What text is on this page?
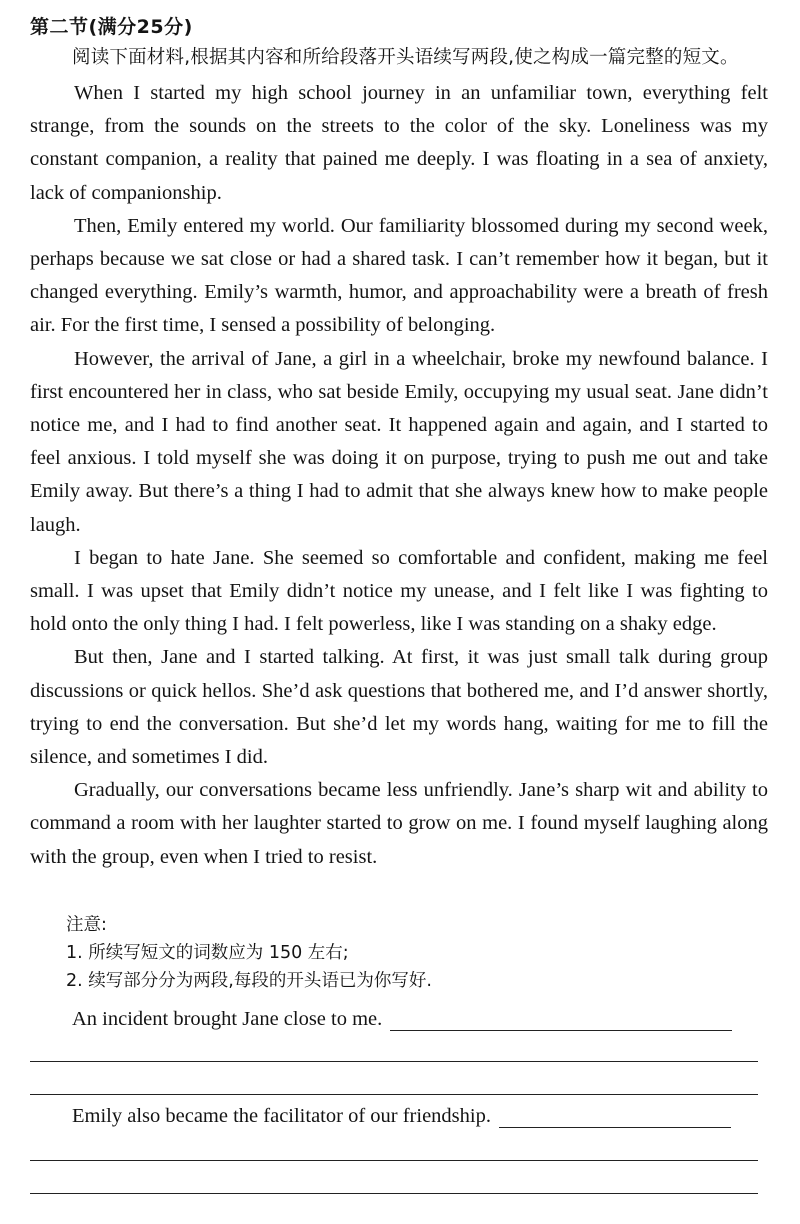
第二节(满分25分)
阅读下面材料,根据其内容和所给段落开头语续写两段,使之构成一篇完整的短文。

When I started my high school journey in an unfamiliar town, everything felt strange, from the sounds on the streets to the color of the sky. Loneliness was my constant companion, a reality that pained me deeply. I was floating in a sea of anxiety, lack of companionship.

Then, Emily entered my world. Our familiarity blossomed during my second week, perhaps because we sat close or had a shared task. I can’t remember how it began, but it changed everything. Emily’s warmth, humor, and approachability were a breath of fresh air. For the first time, I sensed a possibility of belonging.

However, the arrival of Jane, a girl in a wheelchair, broke my newfound balance. I first encountered her in class, who sat beside Emily, occupying my usual seat. Jane didn’t notice me, and I had to find another seat. It happened again and again, and I started to feel anxious. I told myself she was doing it on purpose, trying to push me out and take Emily away. But there’s a thing I had to admit that she always knew how to make people laugh.

I began to hate Jane. She seemed so comfortable and confident, making me feel small. I was upset that Emily didn’t notice my unease, and I felt like I was fighting to hold onto the only thing I had. I felt powerless, like I was standing on a shaky edge.

But then, Jane and I started talking. At first, it was just small talk during group discussions or quick hellos. She’d ask questions that bothered me, and I’d answer shortly, trying to end the conversation. But she’d let my words hang, waiting for me to fill the silence, and sometimes I did.

Gradually, our conversations became less unfriendly. Jane’s sharp wit and ability to command a room with her laughter started to grow on me. I found myself laughing along with the group, even when I tried to resist.

注意:
1. 所续写短文的词数应为 150 左右;
2. 续写部分分为两段,每段的开头语已为你写好.
An incident brought Jane close to me.
Emily also became the facilitator of our friendship.
